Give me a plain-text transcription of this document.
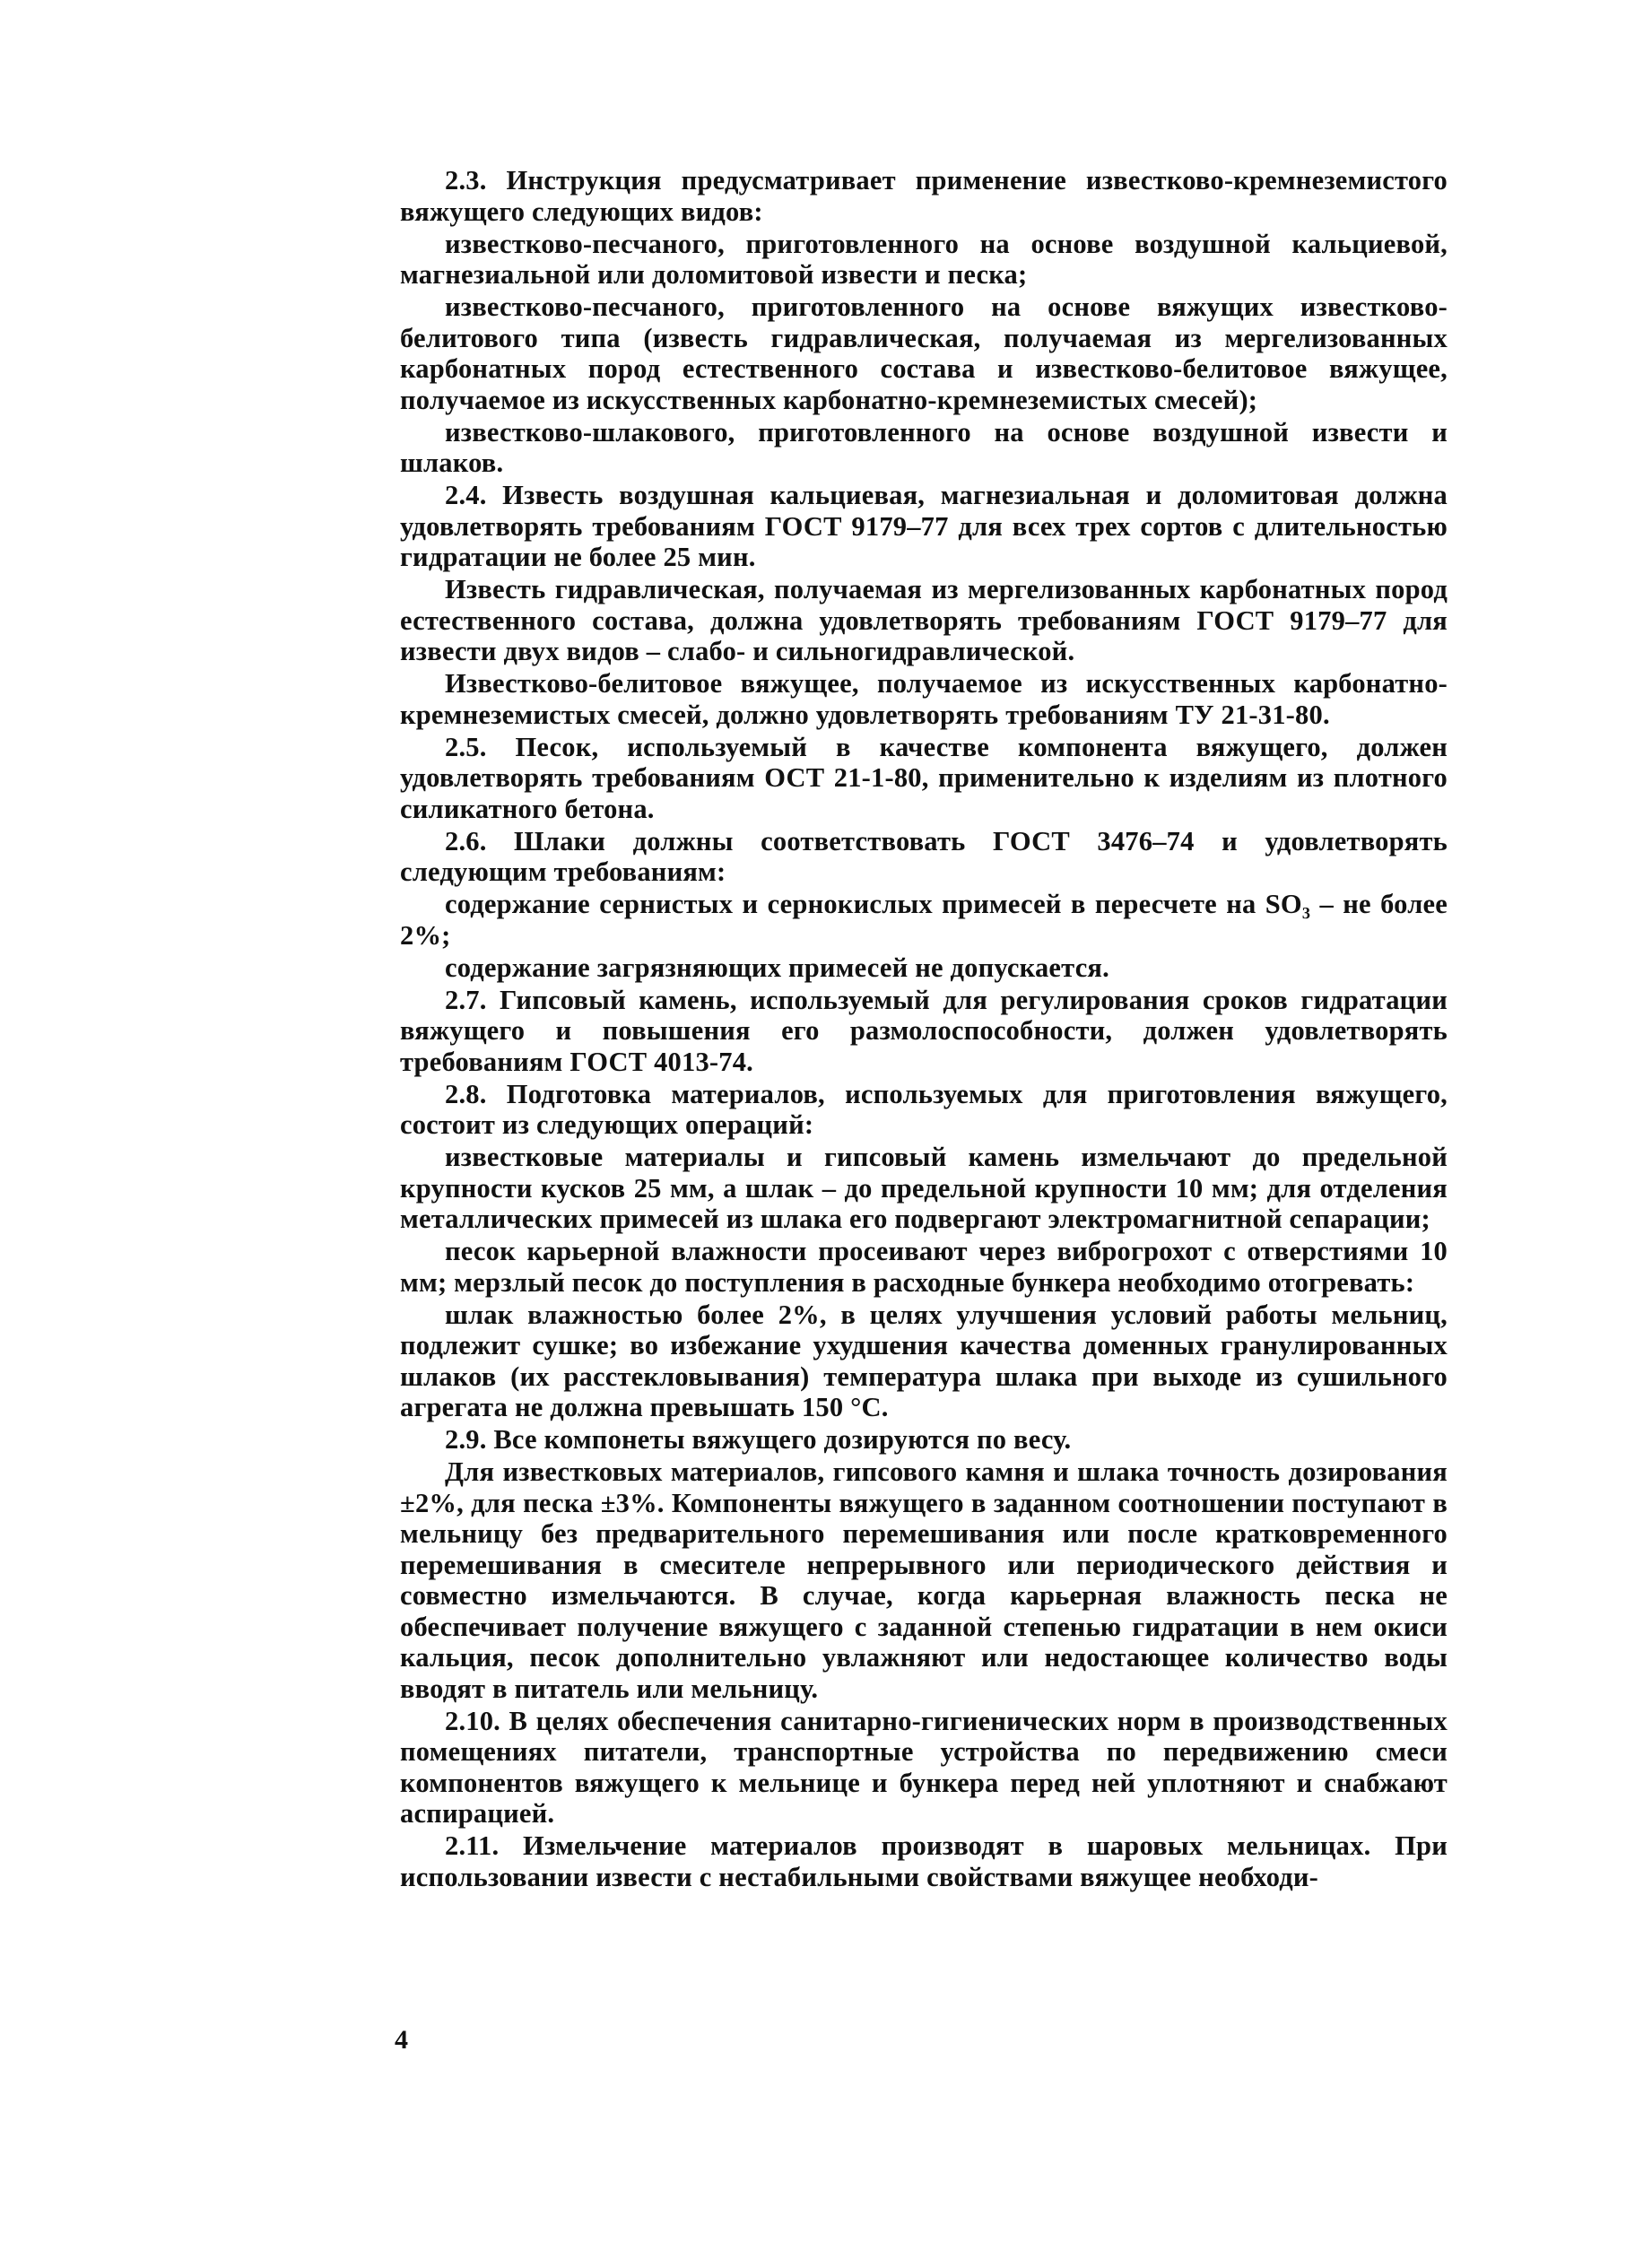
2.3. Инструкция предусматривает применение известково-кремнеземистого вяжущего следующих видов:

известково-песчаного, приготовленного на основе воздушной кальциевой, магнезиальной или доломитовой извести и песка;

известково-песчаного, приготовленного на основе вяжущих известково-белитового типа (известь гидравлическая, получаемая из мергелизованных карбонатных пород естественного состава и известково-белитовое вяжущее, получаемое из искусственных карбонатно-кремнеземистых смесей);

известково-шлакового, приготовленного на основе воздушной извести и шлаков.

2.4. Известь воздушная кальциевая, магнезиальная и доломитовая должна удовлетворять требованиям ГОСТ 9179–77 для всех трех сортов с длительностью гидратации не более 25 мин.

Известь гидравлическая, получаемая из мергелизованных карбонатных пород естественного состава, должна удовлетворять требованиям ГОСТ 9179–77 для извести двух видов – слабо- и сильногидравлической.

Известково-белитовое вяжущее, получаемое из искусственных карбонатно-кремнеземистых смесей, должно удовлетворять требованиям ТУ 21-31-80.

2.5. Песок, используемый в качестве компонента вяжущего, должен удовлетворять требованиям ОСТ 21-1-80, применительно к изделиям из плотного силикатного бетона.

2.6. Шлаки должны соответствовать ГОСТ 3476–74 и удовлетворять следующим требованиям:

содержание сернистых и сернокислых примесей в пересчете на SO₃ – не более 2%;

содержание загрязняющих примесей не допускается.

2.7. Гипсовый камень, используемый для регулирования сроков гидратации вяжущего и повышения его размолоспособности, должен удовлетворять требованиям ГОСТ 4013-74.

2.8. Подготовка материалов, используемых для приготовления вяжущего, состоит из следующих операций:

известковые материалы и гипсовый камень измельчают до предельной крупности кусков 25 мм, а шлак – до предельной крупности 10 мм; для отделения металлических примесей из шлака его подвергают электромагнитной сепарации;

песок карьерной влажности просеивают через виброгрохот с отверстиями 10 мм; мерзлый песок до поступления в расходные бункера необходимо отогревать:

шлак влажностью более 2%, в целях улучшения условий работы мельниц, подлежит сушке; во избежание ухудшения качества доменных гранулированных шлаков (их расстекловывания) температура шлака при выходе из сушильного агрегата не должна превышать 150 °С.

2.9. Все компонеты вяжущего дозируются по весу.

Для известковых материалов, гипсового камня и шлака точность дозирования ±2%, для песка ±3%. Компоненты вяжущего в заданном соотношении поступают в мельницу без предварительного перемешивания или после кратковременного перемешивания в смесителе непрерывного или периодического действия и совместно измельчаются. В случае, когда карьерная влажность песка не обеспечивает получение вяжущего с заданной степенью гидратации в нем окиси кальция, песок дополнительно увлажняют или недостающее количество воды вводят в питатель или мельницу.

2.10. В целях обеспечения санитарно-гигиенических норм в производственных помещениях питатели, транспортные устройства по передвижению смеси компонентов вяжущего к мельнице и бункера перед ней уплотняют и снабжают аспирацией.

2.11. Измельчение материалов производят в шаровых мельницах. При использовании извести с нестабильными свойствами вяжущее необходи-

4
